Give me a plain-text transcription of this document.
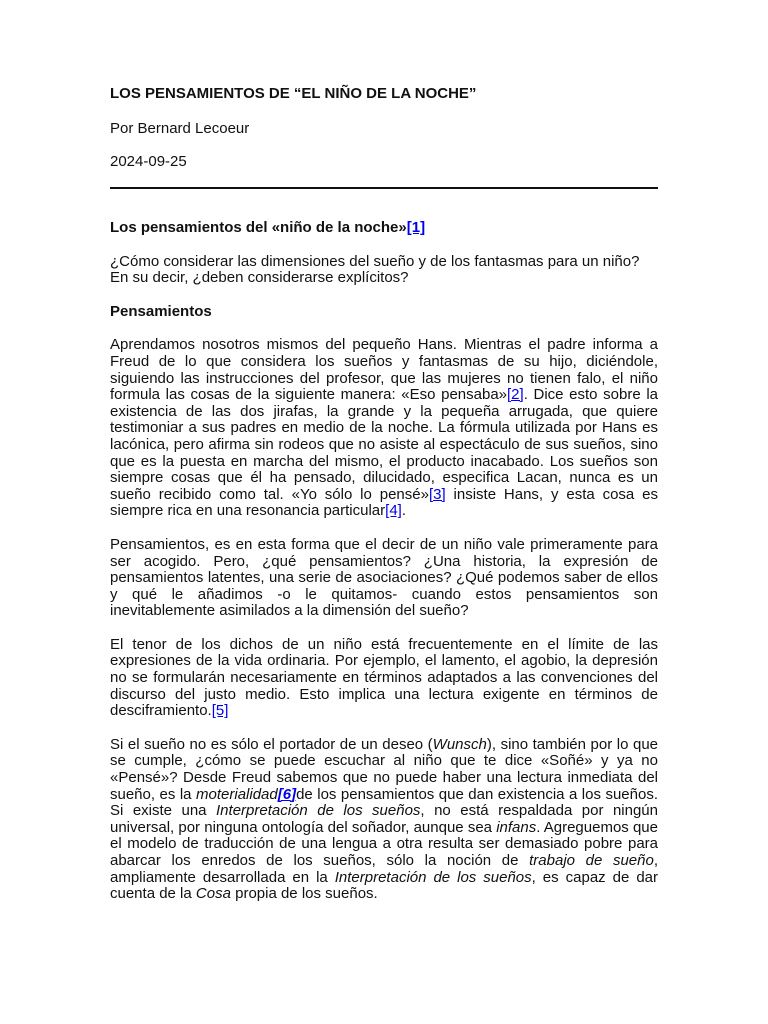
LOS PENSAMIENTOS DE “EL NIÑO DE LA NOCHE”
Por Bernard Lecoeur
2024-09-25
Los pensamientos del «niño de la noche»[1]

¿Cómo considerar las dimensiones del sueño y de los fantasmas para un niño? En su decir, ¿deben considerarse explícitos?

Pensamientos

Aprendamos nosotros mismos del pequeño Hans. Mientras el padre informa a Freud de lo que considera los sueños y fantasmas de su hijo, diciéndole, siguiendo las instrucciones del profesor, que las mujeres no tienen falo, el niño formula las cosas de la siguiente manera: «Eso pensaba»[2]. Dice esto sobre la existencia de las dos jirafas, la grande y la pequeña arrugada, que quiere testimoniar a sus padres en medio de la noche. La fórmula utilizada por Hans es lacónica, pero afirma sin rodeos que no asiste al espectáculo de sus sueños, sino que es la puesta en marcha del mismo, el producto inacabado. Los sueños son siempre cosas que él ha pensado, dilucidado, especifica Lacan, nunca es un sueño recibido como tal. «Yo sólo lo pensé»[3] insiste Hans, y esta cosa es siempre rica en una resonancia particular[4].

Pensamientos, es en esta forma que el decir de un niño vale primeramente para ser acogido. Pero, ¿qué pensamientos? ¿Una historia, la expresión de pensamientos latentes, una serie de asociaciones? ¿Qué podemos saber de ellos y qué le añadimos -o le quitamos- cuando estos pensamientos son inevitablemente asimilados a la dimensión del sueño?

El tenor de los dichos de un niño está frecuentemente en el límite de las expresiones de la vida ordinaria. Por ejemplo, el lamento, el agobio, la depresión no se formularán necesariamente en términos adaptados a las convenciones del discurso del justo medio. Esto implica una lectura exigente en términos de desciframiento.[5]

Si el sueño no es sólo el portador de un deseo (Wunsch), sino también por lo que se cumple, ¿cómo se puede escuchar al niño que te dice «Soñé» y ya no «Pensé»? Desde Freud sabemos que no puede haber una lectura inmediata del sueño, es la moterialidad[6]de los pensamientos que dan existencia a los sueños. Si existe una Interpretación de los sueños, no está respaldada por ningún universal, por ninguna ontología del soñador, aunque sea infans. Agreguemos que el modelo de traducción de una lengua a otra resulta ser demasiado pobre para abarcar los enredos de los sueños, sólo la noción de trabajo de sueño, ampliamente desarrollada en la Interpretación de los sueños, es capaz de dar cuenta de la Cosa propia de los sueños.
